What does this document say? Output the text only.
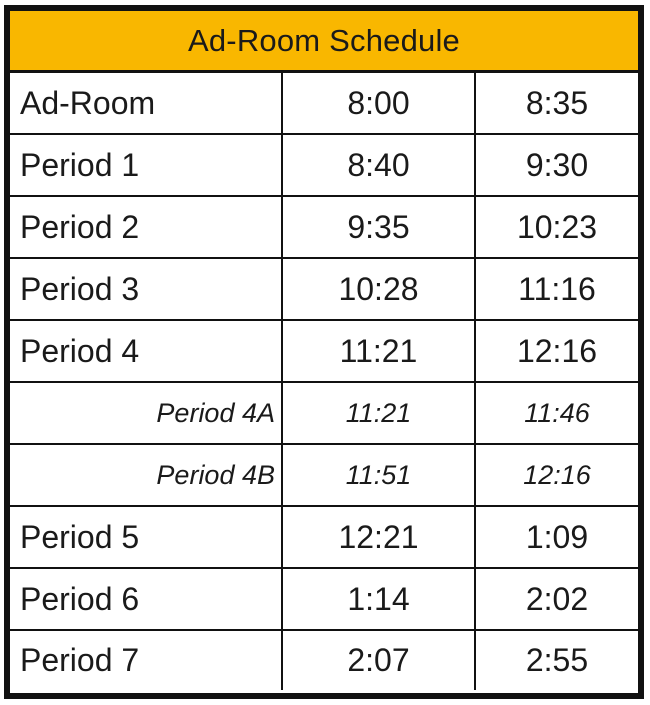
Ad-Room Schedule
Ad-Room	8:00	8:35
Period 1	8:40	9:30
Period 2	9:35	10:23
Period 3	10:28	11:16
Period 4	11:21	12:16
Period 4A	11:21	11:46
Period 4B	11:51	12:16
Period 5	12:21	1:09
Period 6	1:14	2:02
Period 7	2:07	2:55
